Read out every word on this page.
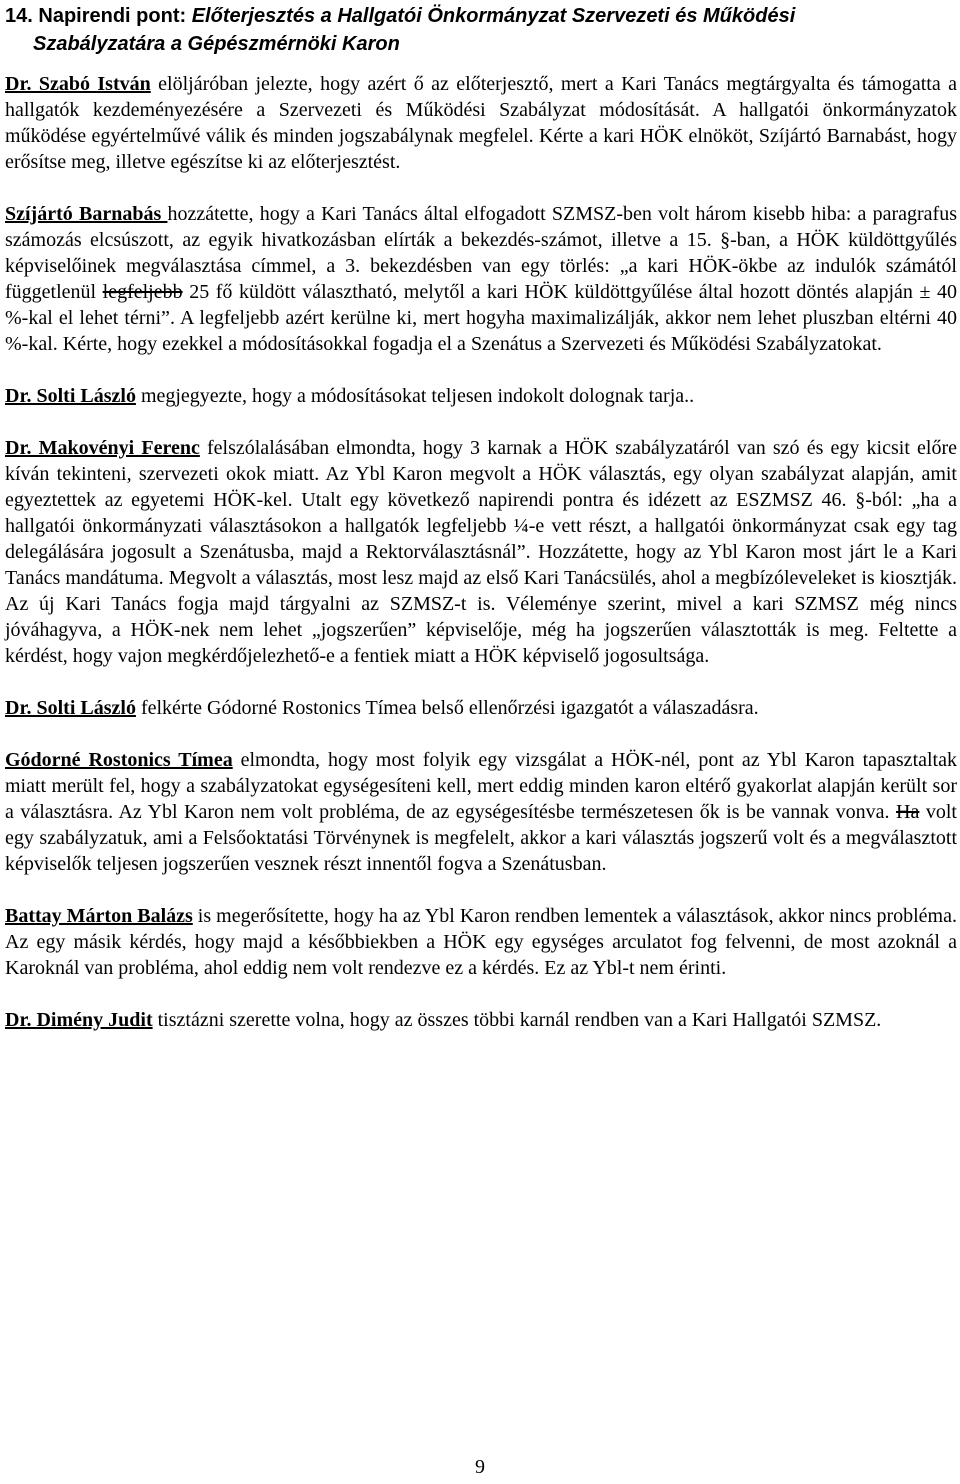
14. Napirendi pont: Előterjesztés a Hallgatói Önkormányzat Szervezeti és Működési
Szabályzatára a Gépészmérnöki Karon

Dr. Szabó István elöljáróban jelezte, hogy azért ő az előterjesztő, mert a Kari Tanács megtárgyalta és támogatta a hallgatók kezdeményezésére a Szervezeti és Működési Szabályzat módosítását. A hallgatói önkormányzatok működése egyértelművé válik és minden jogszabálynak megfelel. Kérte a kari HÖK elnököt, Szíjártó Barnabást, hogy erősítse meg, illetve egészítse ki az előterjesztést.

Szíjártó Barnabás hozzátette, hogy a Kari Tanács által elfogadott SZMSZ-ben volt három kisebb hiba: a paragrafus számozás elcsúszott, az egyik hivatkozásban elírták a bekezdés-számot, illetve a 15. §-ban, a HÖK küldöttgyűlés képviselőinek megválasztása címmel, a 3. bekezdésben van egy törlés: „a kari HÖK-ökbe az indulók számától függetlenül legfeljebb 25 fő küldött választható, melytől a kari HÖK küldöttgyűlése által hozott döntés alapján ± 40 %-kal el lehet térni”. A legfeljebb azért kerülne ki, mert hogyha maximalizálják, akkor nem lehet pluszban eltérni 40 %-kal. Kérte, hogy ezekkel a módosításokkal fogadja el a Szenátus a Szervezeti és Működési Szabályzatokat.

Dr. Solti László megjegyezte, hogy a módosításokat teljesen indokolt dolognak tarja..

Dr. Makovényi Ferenc felszólalásában elmondta, hogy 3 karnak a HÖK szabályzatáról van szó és egy kicsit előre kíván tekinteni, szervezeti okok miatt. Az Ybl Karon megvolt a HÖK választás, egy olyan szabályzat alapján, amit egyeztettek az egyetemi HÖK-kel. Utalt egy következő napirendi pontra és idézett az ESZMSZ 46. §-ból: „ha a hallgatói önkormányzati választásokon a hallgatók legfeljebb ¼-e vett részt, a hallgatói önkormányzat csak egy tag delegálására jogosult a Szenátusba, majd a Rektorválasztásnál”. Hozzátette, hogy az Ybl Karon most járt le a Kari Tanács mandátuma. Megvolt a választás, most lesz majd az első Kari Tanácsülés, ahol a megbízóleveleket is kiosztják. Az új Kari Tanács fogja majd tárgyalni az SZMSZ-t is. Véleménye szerint, mivel a kari SZMSZ még nincs jóváhagyva, a HÖK-nek nem lehet „jogszerűen” képviselője, még ha jogszerűen választották is meg. Feltette a kérdést, hogy vajon megkérdőjelezhető-e a fentiek miatt a HÖK képviselő jogosultsága.

Dr. Solti László felkérte Gódorné Rostonics Tímea belső ellenőrzési igazgatót a válaszadásra.

Gódorné Rostonics Tímea elmondta, hogy most folyik egy vizsgálat a HÖK-nél, pont az Ybl Karon tapasztaltak miatt merült fel, hogy a szabályzatokat egységesíteni kell, mert eddig minden karon eltérő gyakorlat alapján került sor a választásra. Az Ybl Karon nem volt probléma, de az egységesítésbe természetesen ők is be vannak vonva. Ha volt egy szabályzatuk, ami a Felsőoktatási Törvénynek is megfelelt, akkor a kari választás jogszerű volt és a megválasztott képviselők teljesen jogszerűen vesznek részt innentől fogva a Szenátusban.

Battay Márton Balázs is megerősítette, hogy ha az Ybl Karon rendben lementek a választások, akkor nincs probléma. Az egy másik kérdés, hogy majd a későbbiekben a HÖK egy egységes arculatot fog felvenni, de most azoknál a Karoknál van probléma, ahol eddig nem volt rendezve ez a kérdés. Ez az Ybl-t nem érinti.

Dr. Dimény Judit tisztázni szerette volna, hogy az összes többi karnál rendben van a Kari Hallgatói SZMSZ.

9
